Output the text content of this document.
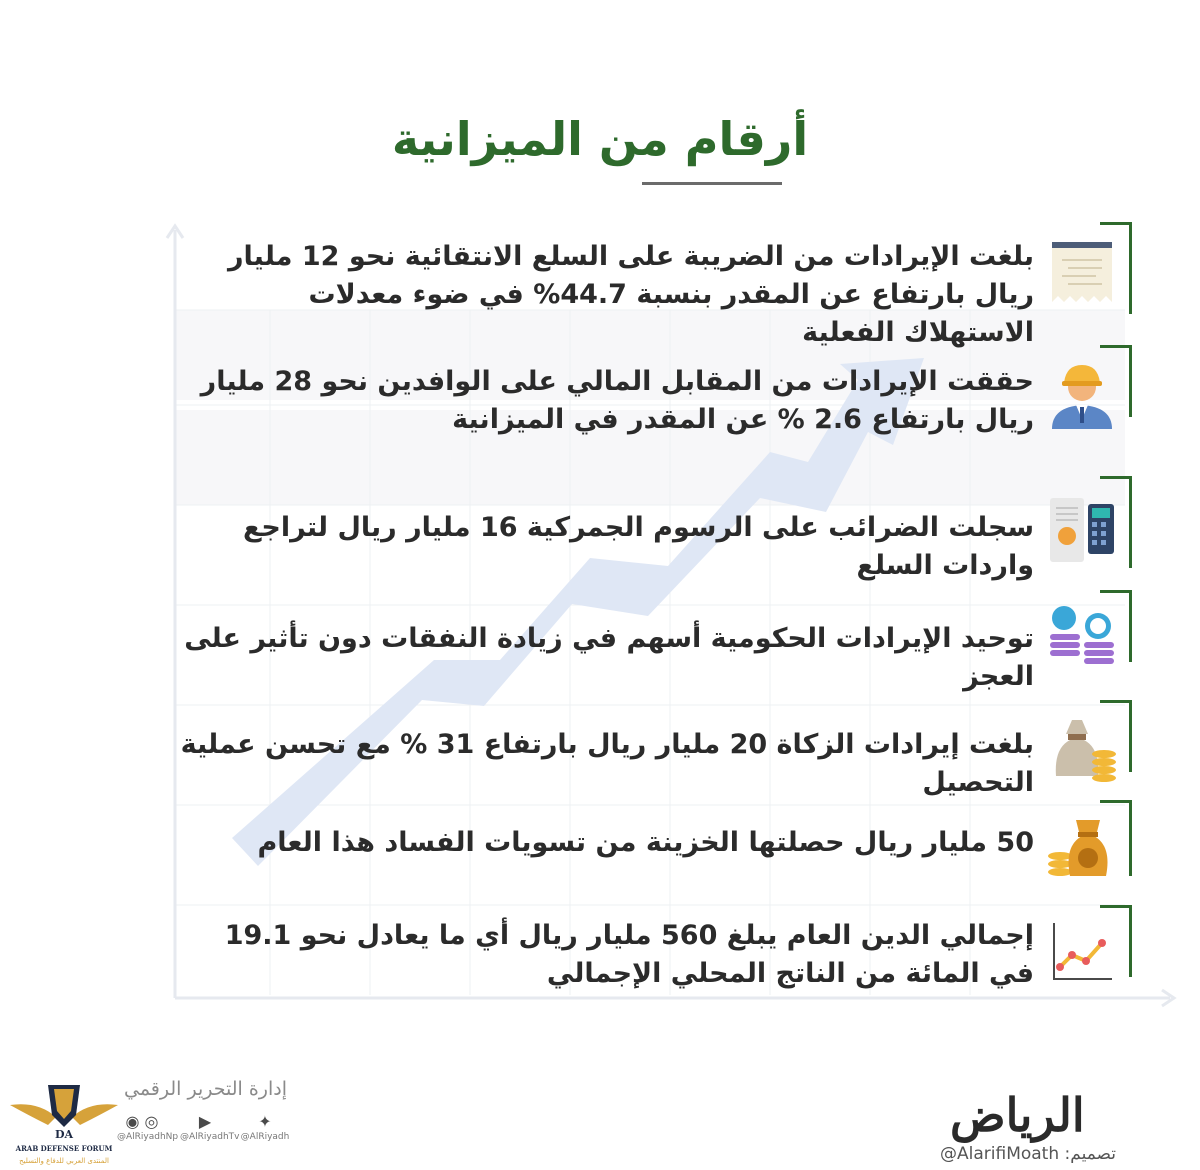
أرقام من الميزانية
بلغت الإيرادات من الضريبة على السلع الانتقائية نحو 12 مليار ريال بارتفاع عن المقدر بنسبة 44.7% في ضوء معدلات الاستهلاك الفعلية
حققت الإيرادات من المقابل المالي على الوافدين نحو 28 مليار ريال بارتفاع 2.6 % عن المقدر في الميزانية
سجلت الضرائب على الرسوم الجمركية 16 مليار ريال لتراجع واردات السلع
توحيد الإيرادات الحكومية أسهم في زيادة النفقات دون تأثير على العجز
بلغت إيرادات الزكاة 20 مليار ريال بارتفاع 31 % مع تحسن عملية التحصيل
50 مليار ريال حصلتها الخزينة من تسويات الفساد هذا العام
إجمالي الدين العام يبلغ 560 مليار ريال أي ما يعادل نحو 19.1 في المائة من الناتج المحلي الإجمالي
DA
ARAB DEFENSE FORUM
المنتدى العربي للدفاع والتسليح
إدارة التحرير الرقمي
◉ ◎
@AlRiyadhNp
▶
@AlRiyadhTv
✦
@AlRiyadh	الرياض
تصميم: AlarifiMoath@
